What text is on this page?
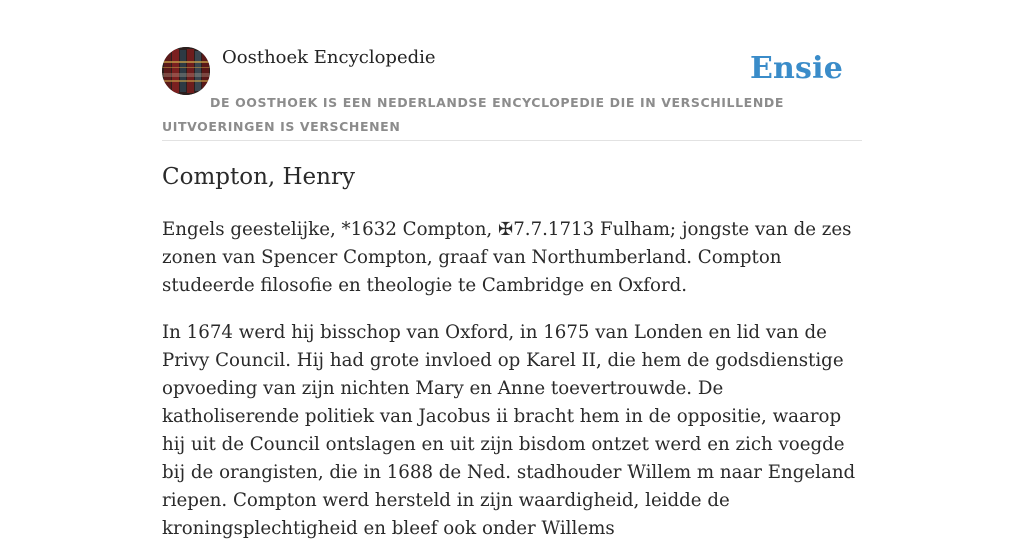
Oosthoek Encyclopedie	Ensie
DE OOSTHOEK IS EEN NEDERLANDSE ENCYCLOPEDIE DIE IN VERSCHILLENDE UITVOERINGEN IS VERSCHENEN
Compton, Henry

Engels geestelijke, *1632 Compton, ✠7.7.1713 Fulham; jongste van de zes zonen van Spencer Compton, graaf van Northumberland. Compton studeerde filosofie en theologie te Cambridge en Oxford.

In 1674 werd hij bisschop van Oxford, in 1675 van Londen en lid van de Privy Council. Hij had grote invloed op Karel II, die hem de godsdienstige opvoeding van zijn nichten Mary en Anne toevertrouwde. De katholiserende politiek van Jacobus ii bracht hem in de oppositie, waarop hij uit de Council ontslagen en uit zijn bisdom ontzet werd en zich voegde bij de orangisten, die in 1688 de Ned. stadhouder Willem m naar Engeland riepen. Compton werd hersteld in zijn waardigheid, leidde de kroningsplechtigheid en bleef ook onder Willems
